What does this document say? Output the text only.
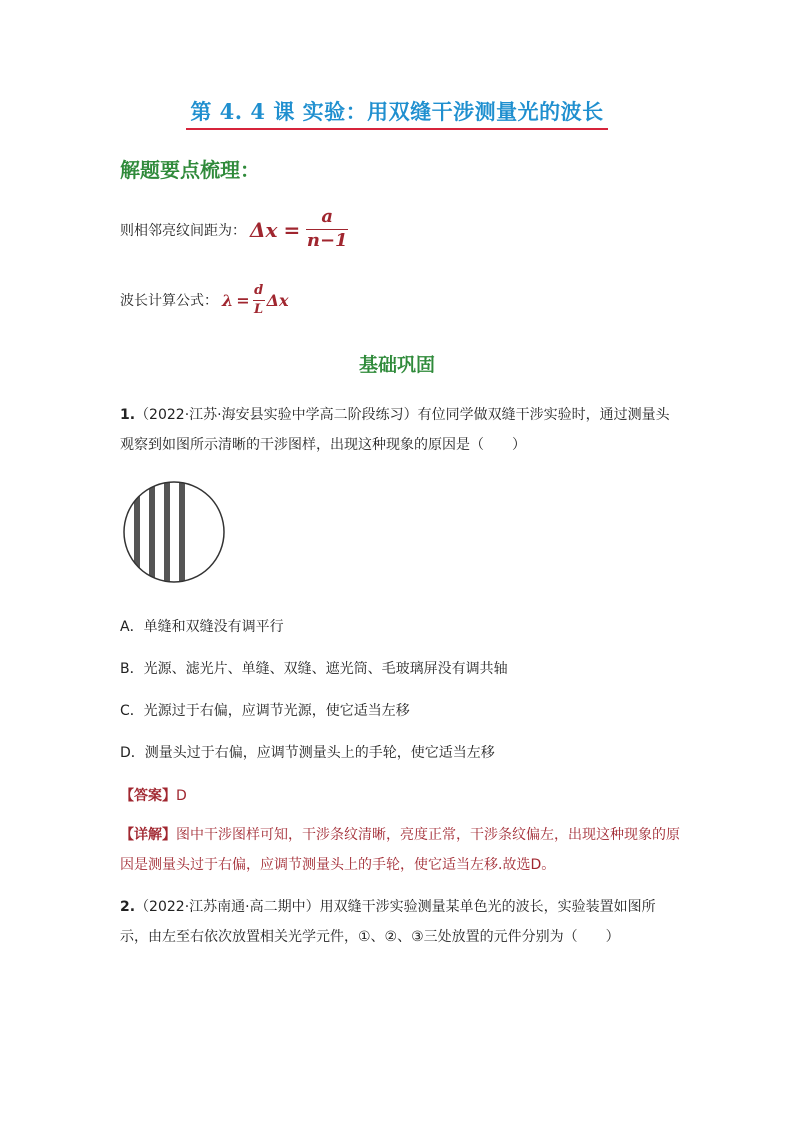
第 4. 4 课 实验：用双缝干涉测量光的波长
解题要点梳理：
则相邻亮纹间距为： $\Delta x = \frac{a}{n-1}$
波长计算公式： $\lambda = \frac{d}{L}$ Δx
基础巩固
1.（2022·江苏·海安县实验中学高二阶段练习）有位同学做双缝干涉实验时，通过测量头观察到如图所示清晰的干涉图样，出现这种现象的原因是（　　）
A．单缝和双缝没有调平行
B．光源、滤光片、单缝、双缝、遮光筒、毛玻璃屏没有调共轴
C．光源过于右偏，应调节光源，使它适当左移
D．测量头过于右偏，应调节测量头上的手轮，使它适当左移
【答案】D
【详解】图中干涉图样可知，干涉条纹清晰，亮度正常，干涉条纹偏左，出现这种现象的原因是测量头过于右偏，应调节测量头上的手轮，使它适当左移.故选D。
2.（2022·江苏南通·高二期中）用双缝干涉实验测量某单色光的波长，实验装置如图所示，由左至右依次放置相关光学元件，①、②、③三处放置的元件分别为（　　）
